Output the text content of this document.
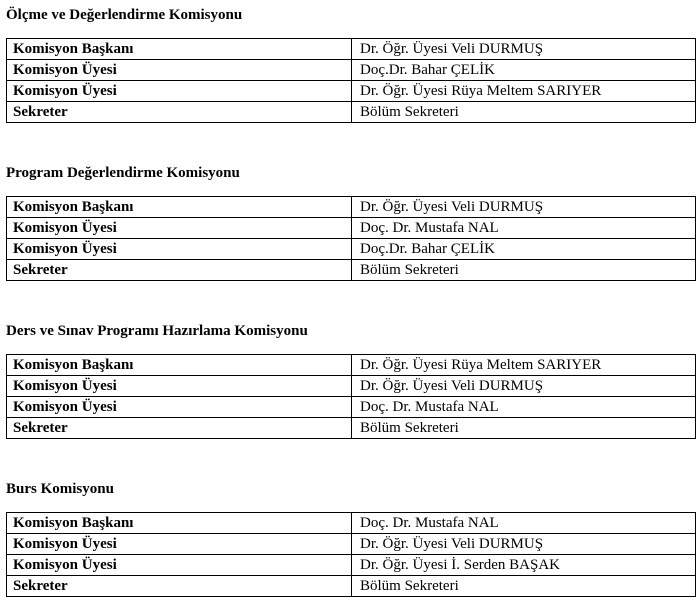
Ölçme ve Değerlendirme Komisyonu
Komisyon Başkanı	Dr. Öğr. Üyesi Veli DURMUŞ
Komisyon Üyesi	Doç.Dr. Bahar ÇELİK
Komisyon Üyesi	Dr. Öğr. Üyesi Rüya Meltem SARIYER
Sekreter	Bölüm Sekreteri
Program Değerlendirme Komisyonu
Komisyon Başkanı	Dr. Öğr. Üyesi Veli DURMUŞ
Komisyon Üyesi	Doç. Dr. Mustafa NAL
Komisyon Üyesi	Doç.Dr. Bahar ÇELİK
Sekreter	Bölüm Sekreteri
Ders ve Sınav Programı Hazırlama Komisyonu
Komisyon Başkanı	Dr. Öğr. Üyesi Rüya Meltem SARIYER
Komisyon Üyesi	Dr. Öğr. Üyesi Veli DURMUŞ
Komisyon Üyesi	Doç. Dr. Mustafa NAL
Sekreter	Bölüm Sekreteri
Burs Komisyonu
Komisyon Başkanı	Doç. Dr. Mustafa NAL
Komisyon Üyesi	Dr. Öğr. Üyesi Veli DURMUŞ
Komisyon Üyesi	Dr. Öğr. Üyesi İ. Serden BAŞAK
Sekreter	Bölüm Sekreteri
